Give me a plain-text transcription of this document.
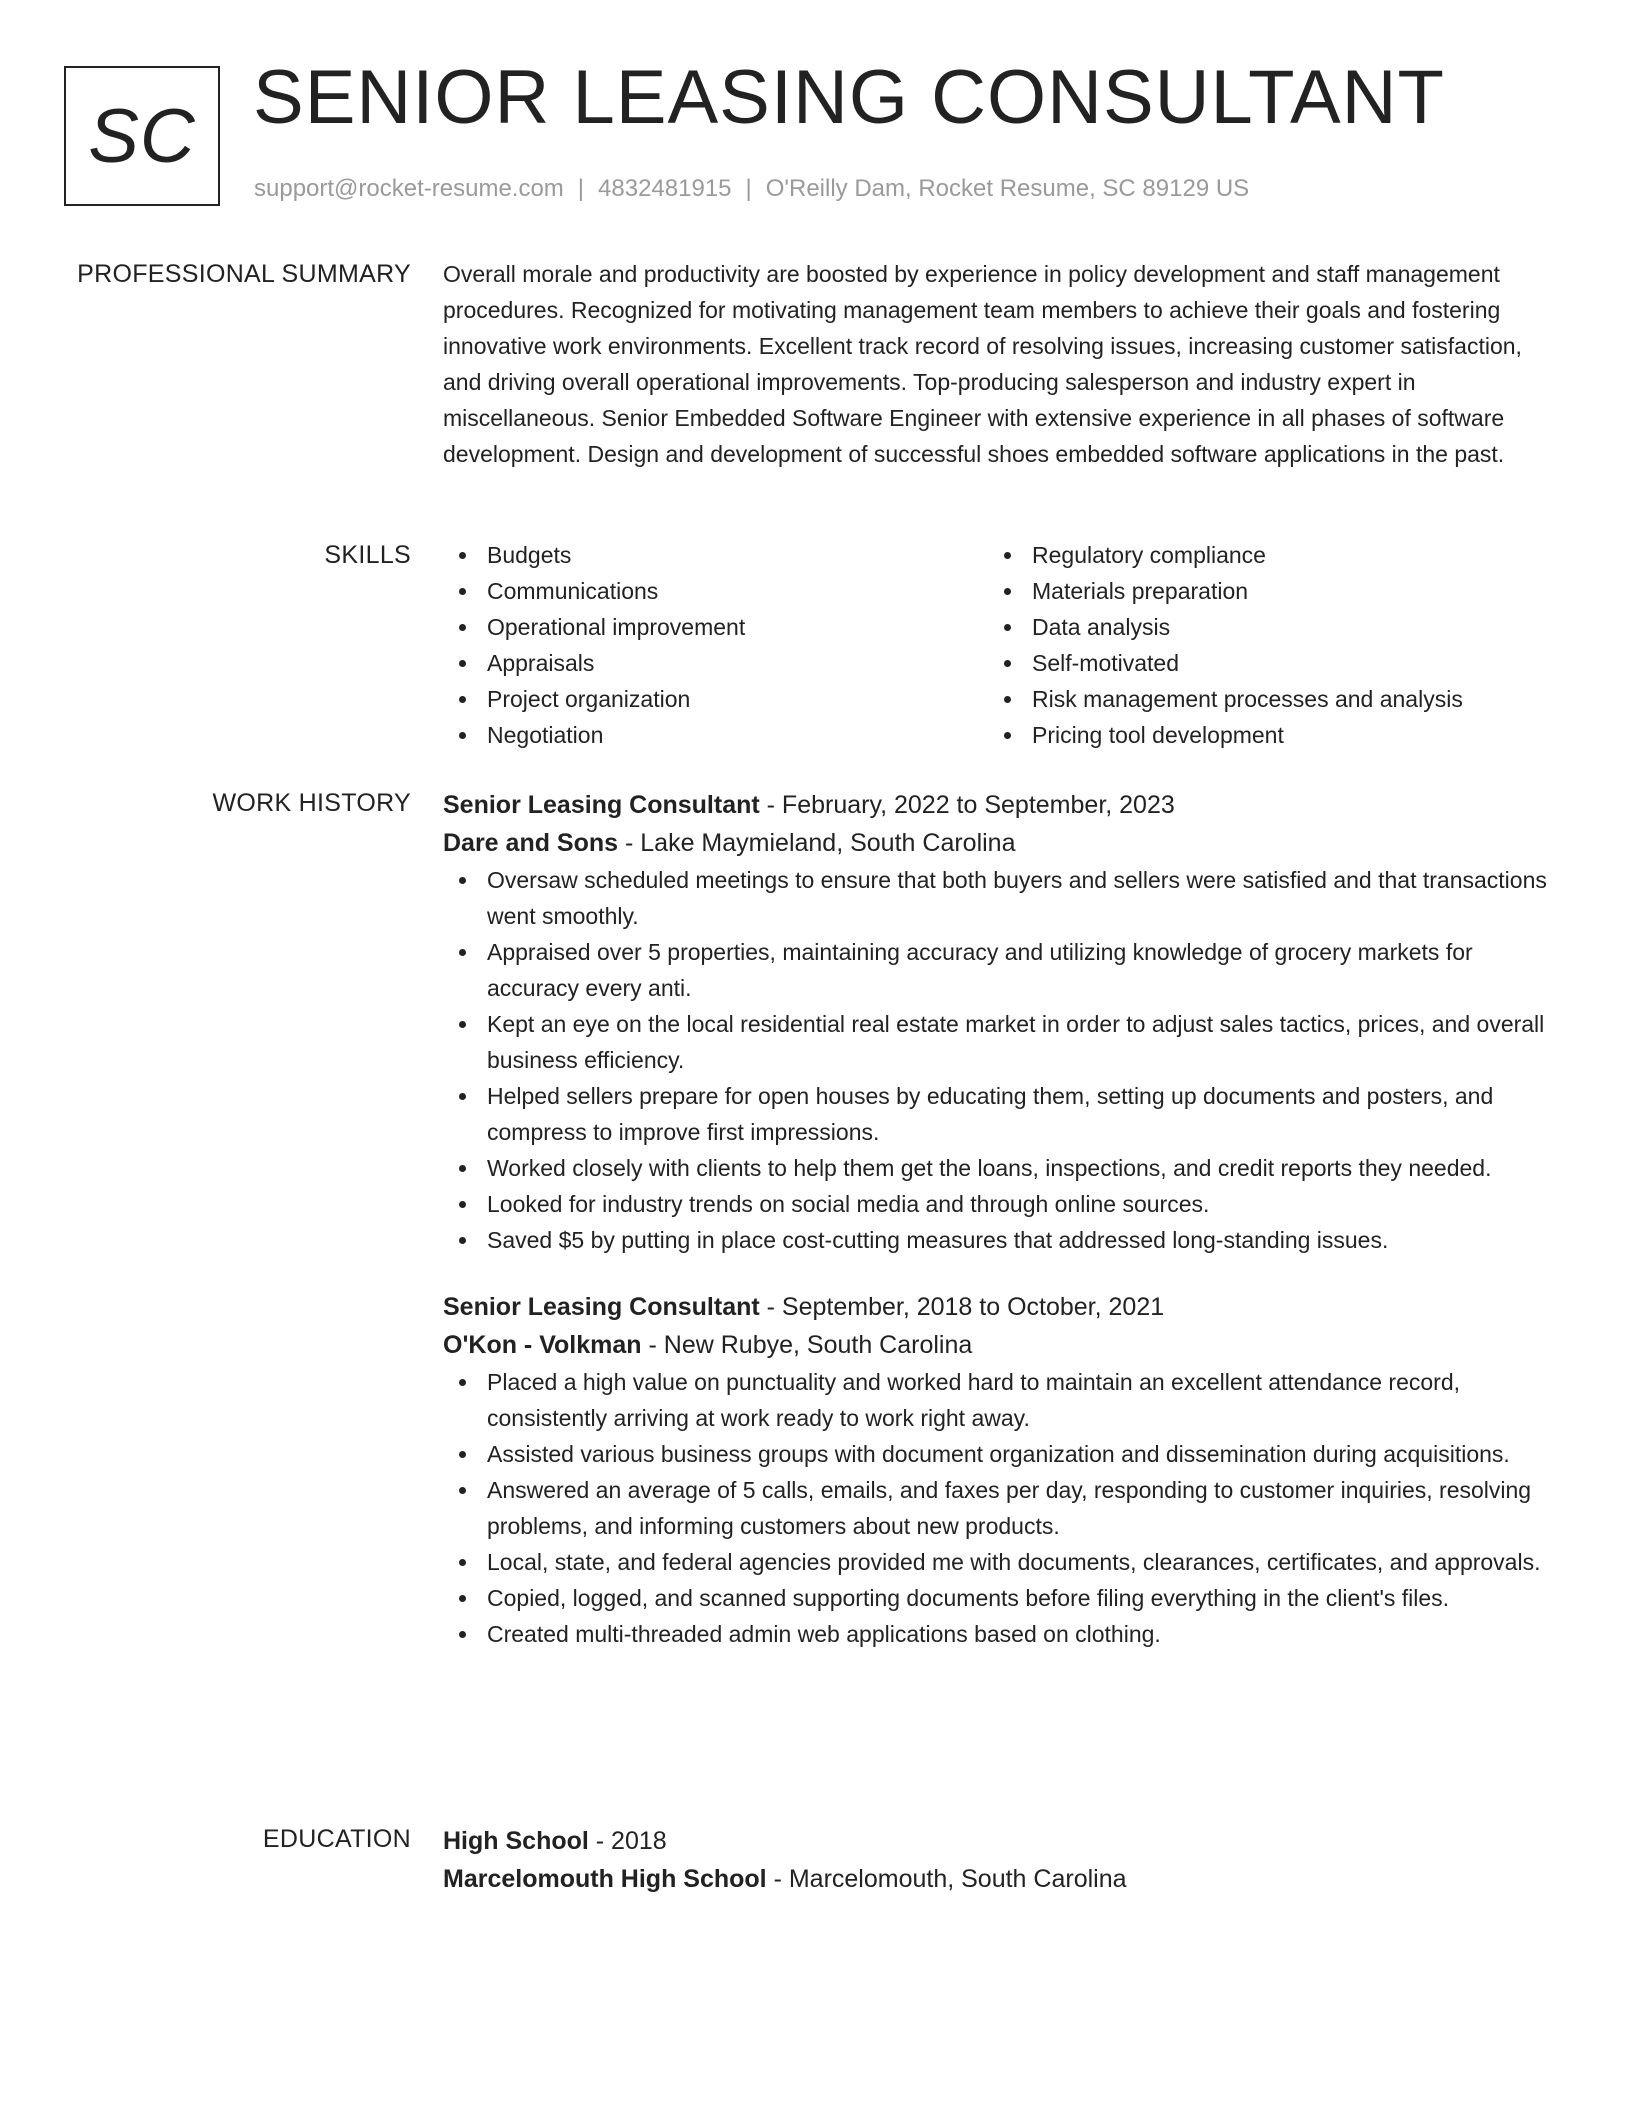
SC SENIOR LEASING CONSULTANT
support@rocket-resume.com | 4832481915 | O'Reilly Dam, Rocket Resume, SC 89129 US
PROFESSIONAL SUMMARY Overall morale and productivity are boosted by experience in policy development and staff management procedures. Recognized for motivating management team members to achieve their goals and fostering innovative work environments. Excellent track record of resolving issues, increasing customer satisfaction, and driving overall operational improvements. Top-producing salesperson and industry expert in miscellaneous. Senior Embedded Software Engineer with extensive experience in all phases of software development. Design and development of successful shoes embedded software applications in the past.

SKILLS	Budgets
Communications
Operational improvement
Appraisals
Project organization
Negotiation
Regulatory compliance
Materials preparation
Data analysis
Self-motivated
Risk management processes and analysis
Pricing tool development
WORK HISTORY Senior Leasing Consultant - February, 2022 to September, 2023
Dare and Sons - Lake Maymieland, South Carolina
Oversaw scheduled meetings to ensure that both buyers and sellers were satisfied and that transactions went smoothly.
Appraised over 5 properties, maintaining accuracy and utilizing knowledge of grocery markets for accuracy every anti.
Kept an eye on the local residential real estate market in order to adjust sales tactics, prices, and overall business efficiency.
Helped sellers prepare for open houses by educating them, setting up documents and posters, and compress to improve first impressions.
Worked closely with clients to help them get the loans, inspections, and credit reports they needed.
Looked for industry trends on social media and through online sources.
Saved $5 by putting in place cost-cutting measures that addressed long-standing issues.
Senior Leasing Consultant - September, 2018 to October, 2021
O'Kon - Volkman - New Rubye, South Carolina
Placed a high value on punctuality and worked hard to maintain an excellent attendance record, consistently arriving at work ready to work right away.
Assisted various business groups with document organization and dissemination during acquisitions.
Answered an average of 5 calls, emails, and faxes per day, responding to customer inquiries, resolving problems, and informing customers about new products.
Local, state, and federal agencies provided me with documents, clearances, certificates, and approvals.
Copied, logged, and scanned supporting documents before filing everything in the client's files.
Created multi-threaded admin web applications based on clothing.
EDUCATION High School - 2018
Marcelomouth High School - Marcelomouth, South Carolina
